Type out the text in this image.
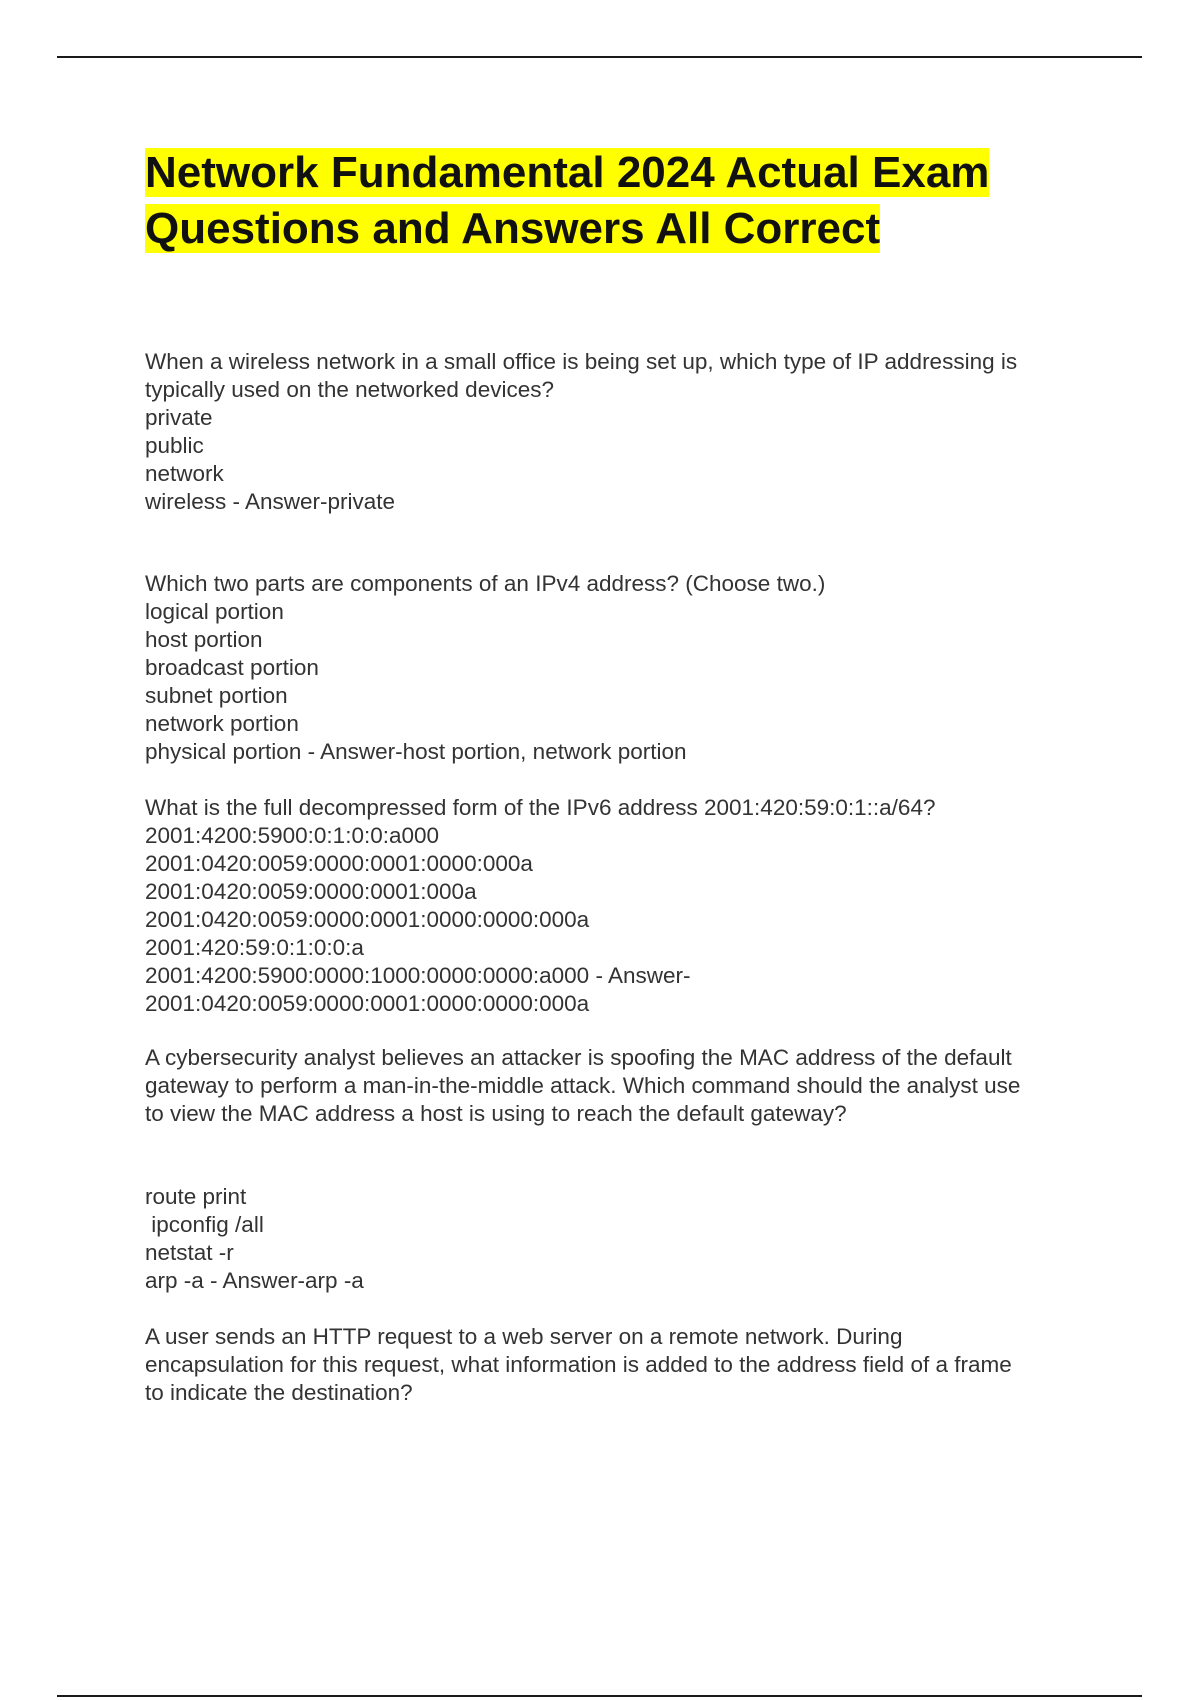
Network Fundamental 2024 Actual Exam Questions and Answers All Correct
When a wireless network in a small office is being set up, which type of IP addressing is
typically used on the networked devices?
private
public
network
wireless - Answer-private
Which two parts are components of an IPv4 address? (Choose two.)
logical portion
host portion
broadcast portion
subnet portion
network portion
physical portion - Answer-host portion, network portion
What is the full decompressed form of the IPv6 address 2001:420:59:0:1::a/64?
2001:4200:5900:0:1:0:0:a000
2001:0420:0059:0000:0001:0000:000a
2001:0420:0059:0000:0001:000a
2001:0420:0059:0000:0001:0000:0000:000a
2001:420:59:0:1:0:0:a
2001:4200:5900:0000:1000:0000:0000:a000 - Answer-
2001:0420:0059:0000:0001:0000:0000:000a
A cybersecurity analyst believes an attacker is spoofing the MAC address of the default
gateway to perform a man-in-the-middle attack. Which command should the analyst use
to view the MAC address a host is using to reach the default gateway?
route print
ipconfig /all
netstat -r
arp -a - Answer-arp -a
A user sends an HTTP request to a web server on a remote network. During
encapsulation for this request, what information is added to the address field of a frame
to indicate the destination?
